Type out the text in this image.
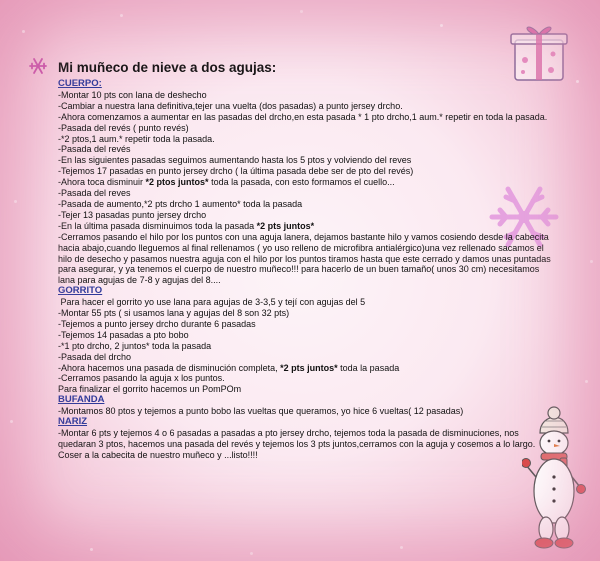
Mi muñeco de nieve a dos agujas:

CUERPO:

-Montar 10 pts con lana de deshecho

-Cambiar a nuestra lana definitiva,tejer una vuelta (dos pasadas) a punto jersey drcho.

-Ahora comenzamos a aumentar en las pasadas del drcho,en esta pasada * 1 pto drcho,1 aum.* repetir en toda la pasada.

-Pasada del revés ( punto revés)

-*2 ptos,1 aum.* repetir toda la pasada.

-Pasada del revés

-En las siguientes pasadas seguimos aumentando hasta los 5 ptos y volviendo del reves

-Tejemos 17 pasadas en punto jersey drcho ( la última pasada debe ser de pto del revés)

-Ahora toca disminuir *2 ptos juntos* toda la pasada, con esto formamos el cuello...

-Pasada del reves

-Pasada de aumento,*2 pts drcho 1 aumento* toda la pasada

-Tejer 13 pasadas punto jersey drcho

-En la última pasada disminuimos toda la pasada *2 pts juntos*

-Cerramos pasando el hilo por los puntos con una aguja lanera, dejamos bastante hilo y vamos cosiendo desde la cabecita hacia abajo,cuando lleguemos al final rellenamos ( yo uso relleno de microfibra antialérgico)una vez rellenado sacamos el hilo de desecho y pasamos nuestra aguja con el hilo por los puntos tiramos hasta que este cerrado y damos unas puntadas para asegurar, y ya tenemos el cuerpo de nuestro muñeco!!! para hacerlo de un buen tamaño( unos 30 cm) necesitamos lana para agujas de 7-8 y agujas del 8....

GORRITO

Para hacer el gorrito yo use lana para agujas de 3-3,5 y tejí con agujas del 5

-Montar 55 pts ( si usamos lana y agujas del 8 son 32 pts)

-Tejemos a punto jersey drcho durante 6 pasadas

-Tejemos 14 pasadas a pto bobo

-*1 pto drcho, 2 juntos* toda la pasada

-Pasada del drcho

-Ahora hacemos una pasada de disminución completa, *2 pts juntos* toda la pasada

-Cerramos pasando la aguja x los puntos.

Para finalizar el gorrito hacemos un PomPOm

BUFANDA

-Montamos 80 ptos y tejemos a punto bobo las vueltas que queramos, yo hice 6 vueltas( 12 pasadas)

NARIZ

-Montar 6 pts y tejemos 4 o 6 pasadas a pasadas a pto jersey drcho, tejemos toda la pasada de disminuciones, nos quedaran 3 ptos, hacemos una pasada del revés y tejemos los 3 pts juntos,cerramos con la aguja y cosemos a lo largo.

Coser a la cabecita de nuestro muñeco y ...listo!!!!
